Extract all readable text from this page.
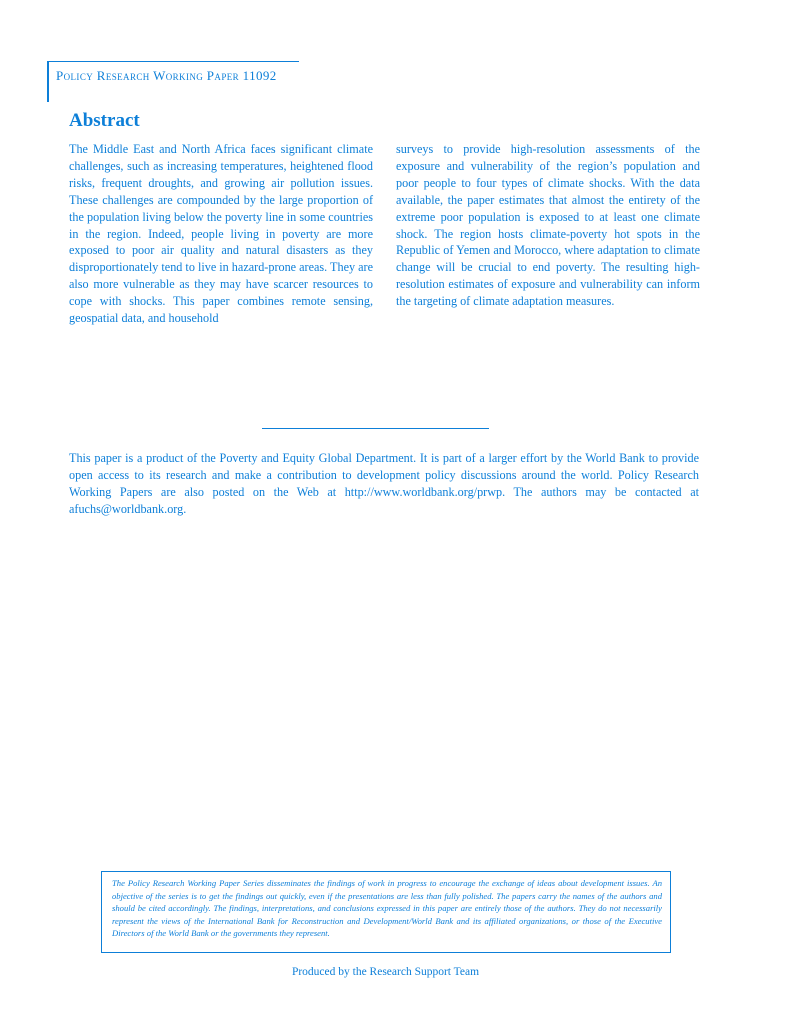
Policy Research Working Paper 11092
Abstract
The Middle East and North Africa faces significant climate challenges, such as increasing temperatures, heightened flood risks, frequent droughts, and growing air pollution issues. These challenges are compounded by the large proportion of the population living below the poverty line in some countries in the region. Indeed, people living in poverty are more exposed to poor air quality and natural disasters as they disproportionately tend to live in hazard-prone areas. They are also more vulnerable as they may have scarcer resources to cope with shocks. This paper combines remote sensing, geospatial data, and household
surveys to provide high-resolution assessments of the exposure and vulnerability of the region’s population and poor people to four types of climate shocks. With the data available, the paper estimates that almost the entirety of the extreme poor population is exposed to at least one climate shock. The region hosts climate-poverty hot spots in the Republic of Yemen and Morocco, where adaptation to climate change will be crucial to end poverty. The resulting high-resolution estimates of exposure and vulnerability can inform the targeting of climate adaptation measures.
This paper is a product of the Poverty and Equity Global Department. It is part of a larger effort by the World Bank to provide open access to its research and make a contribution to development policy discussions around the world. Policy Research Working Papers are also posted on the Web at http://www.worldbank.org/prwp. The authors may be contacted at afuchs@worldbank.org.
The Policy Research Working Paper Series disseminates the findings of work in progress to encourage the exchange of ideas about development issues. An objective of the series is to get the findings out quickly, even if the presentations are less than fully polished. The papers carry the names of the authors and should be cited accordingly. The findings, interpretations, and conclusions expressed in this paper are entirely those of the authors. They do not necessarily represent the views of the International Bank for Reconstruction and Development/World Bank and its affiliated organizations, or those of the Executive Directors of the World Bank or the governments they represent.
Produced by the Research Support Team
